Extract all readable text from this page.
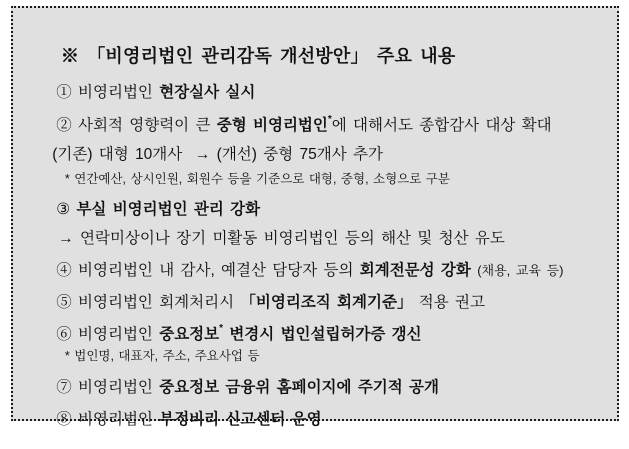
※ 「비영리법인 관리감독 개선방안」 주요 내용

① 비영리법인 현장실사 실시

② 사회적 영향력이 큰 중형 비영리법인*에 대해서도 종합감사 대상 확대

(기존) 대형 10개사  → (개선) 중형 75개사 추가

* 연간예산, 상시인원, 회원수 등을 기준으로 대형, 중형, 소형으로 구분

③ 부실 비영리법인 관리 강화

→ 연락미상이나 장기 미활동 비영리법인 등의 해산 및 청산 유도

④ 비영리법인 내 감사, 예결산 담당자 등의 회계전문성 강화 (채용, 교육 등)

⑤ 비영리법인 회계처리시 「비영리조직 회계기준」 적용 권고

⑥ 비영리법인 중요정보* 변경시 법인설립허가증 갱신

* 법인명, 대표자, 주소, 주요사업 등

⑦ 비영리법인 중요정보 금융위 홈페이지에 주기적 공개

⑧ 비영리법인 부정비리 신고센터 운영
